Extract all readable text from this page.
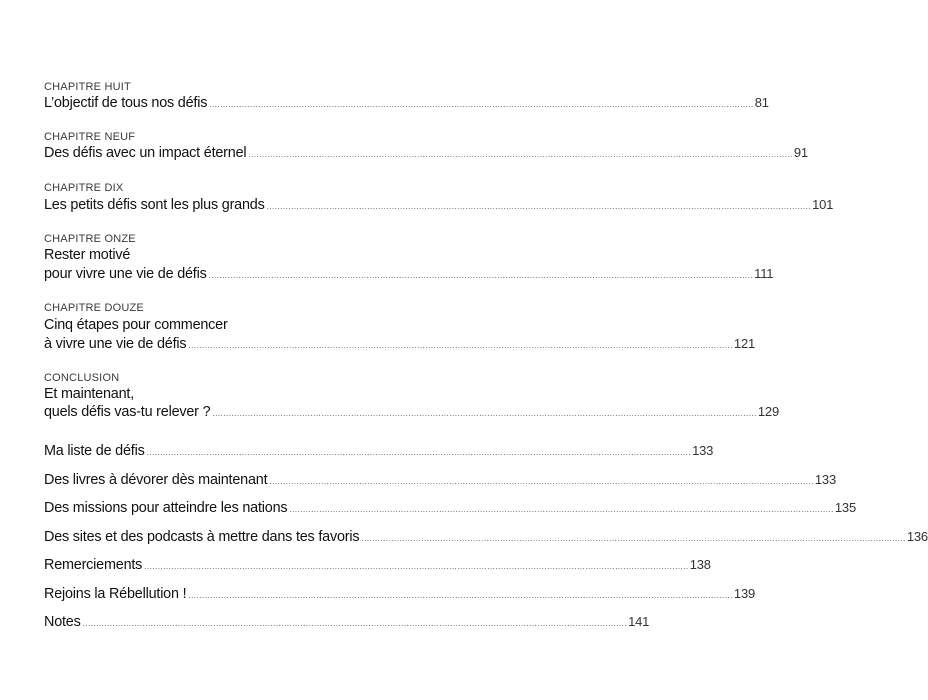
CHAPITRE HUIT
L’objectif de tous nos défis ........................................................................................................................................................................................................ 81
CHAPITRE NEUF
Des défis avec un impact éternel ........................................................................................................................................................................................................ 91
CHAPITRE DIX
Les petits défis sont les plus grands ........................................................................................................................................................................................................ 101
CHAPITRE ONZE
Rester motivé
pour vivre une vie de défis ........................................................................................................................................................................................................ 111
CHAPITRE DOUZE
Cinq étapes pour commencer
à vivre une vie de défis ........................................................................................................................................................................................................ 121
CONCLUSION
Et maintenant,
quels défis vas-tu relever ? ........................................................................................................................................................................................................ 129
Ma liste de défis ........................................................................................................................................................................................................ 133
Des livres à dévorer dès maintenant ........................................................................................................................................................................................................ 133
Des missions pour atteindre les nations ........................................................................................................................................................................................................ 135
Des sites et des podcasts à mettre dans tes favoris ........................................................................................................................................................................................................ 136
Remerciements ........................................................................................................................................................................................................ 138
Rejoins la Rébellution ! ........................................................................................................................................................................................................ 139
Notes ........................................................................................................................................................................................................ 141
